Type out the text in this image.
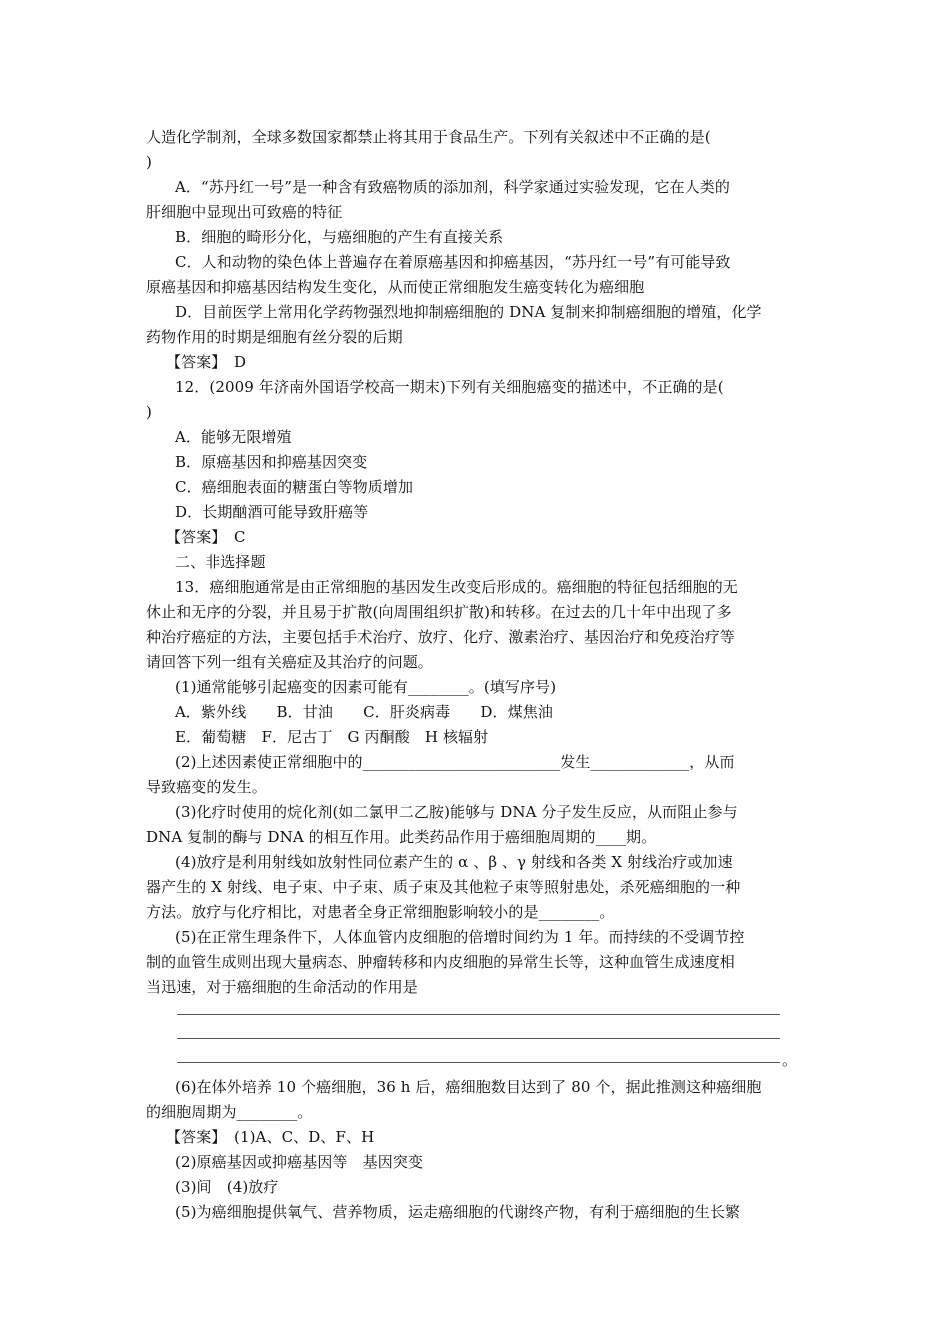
人造化学制剂，全球多数国家都禁止将其用于食品生产。下列有关叙述中不正确的是(
)
A．“苏丹红一号”是一种含有致癌物质的添加剂，科学家通过实验发现，它在人类的
肝细胞中显现出可致癌的特征
B．细胞的畸形分化，与癌细胞的产生有直接关系
C．人和动物的染色体上普遍存在着原癌基因和抑癌基因，“苏丹红一号”有可能导致
原癌基因和抑癌基因结构发生变化，从而使正常细胞发生癌变转化为癌细胞
D．目前医学上常用化学药物强烈地抑制癌细胞的 DNA 复制来抑制癌细胞的增殖，化学
药物作用的时期是细胞有丝分裂的后期
【答案】　D
12．(2009 年济南外国语学校高一期末)下列有关细胞癌变的描述中，不正确的是(
)
A．能够无限增殖
B．原癌基因和抑癌基因突变
C．癌细胞表面的糖蛋白等物质增加
D．长期酗酒可能导致肝癌等
【答案】　C
二、非选择题
13．癌细胞通常是由正常细胞的基因发生改变后形成的。癌细胞的特征包括细胞的无
休止和无序的分裂，并且易于扩散(向周围组织扩散)和转移。在过去的几十年中出现了多
种治疗癌症的方法，主要包括手术治疗、放疗、化疗、激素治疗、基因治疗和免疫治疗等
请回答下列一组有关癌症及其治疗的问题。
(1)通常能够引起癌变的因素可能有________。(填写序号)
A．紫外线　　B．甘油　　C．肝炎病毒　　D．煤焦油
E．葡萄糖　F．尼古丁　G 丙酮酸　H 核辐射
(2)上述因素使正常细胞中的__________________________发生_____________，从而
导致癌变的发生。
(3)化疗时使用的烷化剂(如二氯甲二乙胺)能够与 DNA 分子发生反应，从而阻止参与
DNA 复制的酶与 DNA 的相互作用。此类药品作用于癌细胞周期的____期。
(4)放疗是利用射线如放射性同位素产生的 α 、β 、γ 射线和各类 X 射线治疗或加速
器产生的 X 射线、电子束、中子束、质子束及其他粒子束等照射患处，杀死癌细胞的一种
方法。放疗与化疗相比，对患者全身正常细胞影响较小的是________。
(5)在正常生理条件下，人体血管内皮细胞的倍增时间约为 1 年。而持续的不受调节控
制的血管生成则出现大量病态、肿瘤转移和内皮细胞的异常生长等，这种血管生成速度相
当迅速，对于癌细胞的生命活动的作用是
。
(6)在体外培养 10 个癌细胞，36 h 后，癌细胞数目达到了 80 个，据此推测这种癌细胞
的细胞周期为________。
【答案】　(1)A、C、D、F、H
(2)原癌基因或抑癌基因等　基因突变
(3)间　(4)放疗
(5)为癌细胞提供氧气、营养物质，运走癌细胞的代谢终产物，有利于癌细胞的生长繁
